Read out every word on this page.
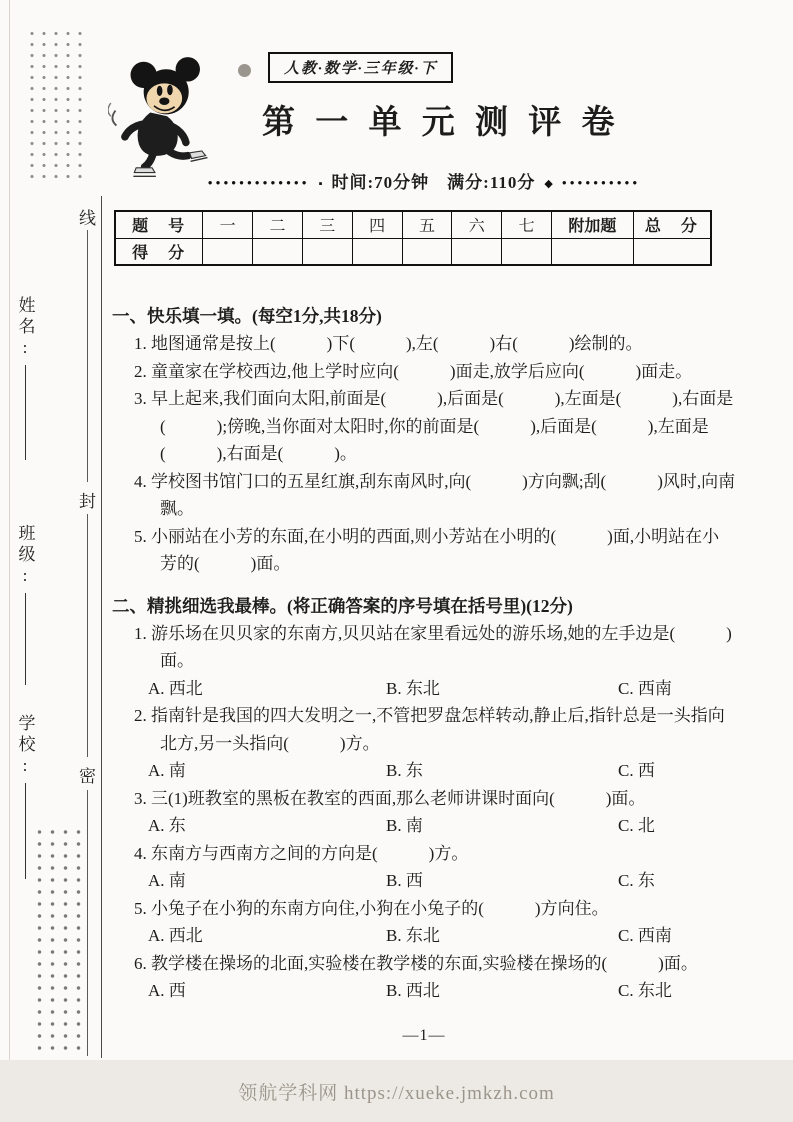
线
封
密
姓名:
班级:
学校:
人教·数学·三年级·下
第 一 单 元 测 评 卷
●●●●●●●●●●●●● ▪ 时间:70分钟　满分:110分 ◆ ●●●●●●●●●●
题　号	一	二	三	四	五	六	七	附加题	总　分
得　分									
一、快乐填一填。(每空1分,共18分)
1. 地图通常是按上(　　　)下(　　　),左(　　　)右(　　　)绘制的。
2. 童童家在学校西边,他上学时应向(　　　)面走,放学后应向(　　　)面走。
3. 早上起来,我们面向太阳,前面是(　　　),后面是(　　　),左面是(　　　),右面是(　　　);傍晚,当你面对太阳时,你的前面是(　　　),后面是(　　　),左面是(　　　),右面是(　　　)。
4. 学校图书馆门口的五星红旗,刮东南风时,向(　　　)方向飘;刮(　　　)风时,向南飘。
5. 小丽站在小芳的东面,在小明的西面,则小芳站在小明的(　　　)面,小明站在小芳的(　　　)面。
二、精挑细选我最棒。(将正确答案的序号填在括号里)(12分)
1. 游乐场在贝贝家的东南方,贝贝站在家里看远处的游乐场,她的左手边是(　　　)面。
A. 西北	B. 东北	C. 西南
2. 指南针是我国的四大发明之一,不管把罗盘怎样转动,静止后,指针总是一头指向北方,另一头指向(　　　)方。
A. 南	B. 东	C. 西
3. 三(1)班教室的黑板在教室的西面,那么老师讲课时面向(　　　)面。
A. 东	B. 南	C. 北
4. 东南方与西南方之间的方向是(　　　)方。
A. 南	B. 西	C. 东
5. 小兔子在小狗的东南方向住,小狗在小兔子的(　　　)方向住。
A. 西北	B. 东北	C. 西南
6. 教学楼在操场的北面,实验楼在教学楼的东面,实验楼在操场的(　　　)面。
A. 西	B. 西北	C. 东北
—1—
领航学科网 https://xueke.jmkzh.com
